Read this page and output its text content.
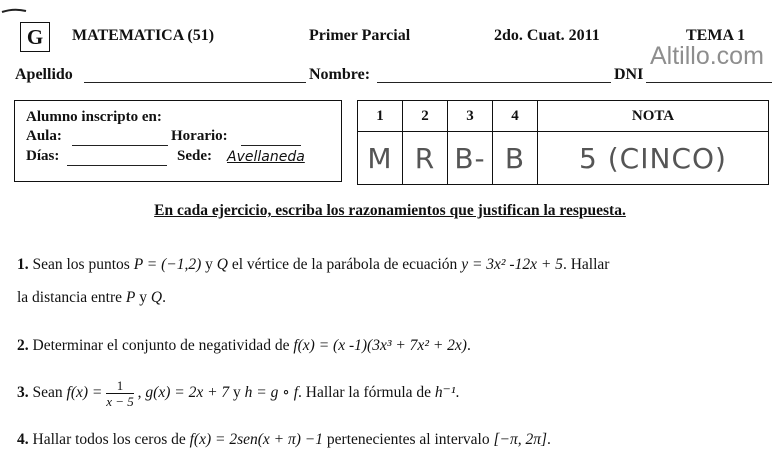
G	MATEMATICA (51)	Primer Parcial	2do. Cuat. 2011	TEMA 1
Altillo.com
Apellido	Nombre:	DNI
Alumno inscripto en:
Aula:	Horario:
Días:	Sede: Avellaneda
1	2	3	4	NOTA
M	R	B-	B	5 (CINCO)
En cada ejercicio, escriba los razonamientos que justifican la respuesta.
1. Sean los puntos P = (−1,2) y Q el vértice de la parábola de ecuación y = 3x² -12x + 5. Hallar
la distancia entre P y Q.
2. Determinar el conjunto de negatividad de f(x) = (x -1)(3x³ + 7x² + 2x).
3. Sean $f(x) = \frac{1}{x - 5}$ , g(x) = 2x + 7 y h = g ∘ f. Hallar la fórmula de h⁻¹.
4. Hallar todos los ceros de f(x) = 2sen(x + π) −1 pertenecientes al intervalo [−π, 2π].
